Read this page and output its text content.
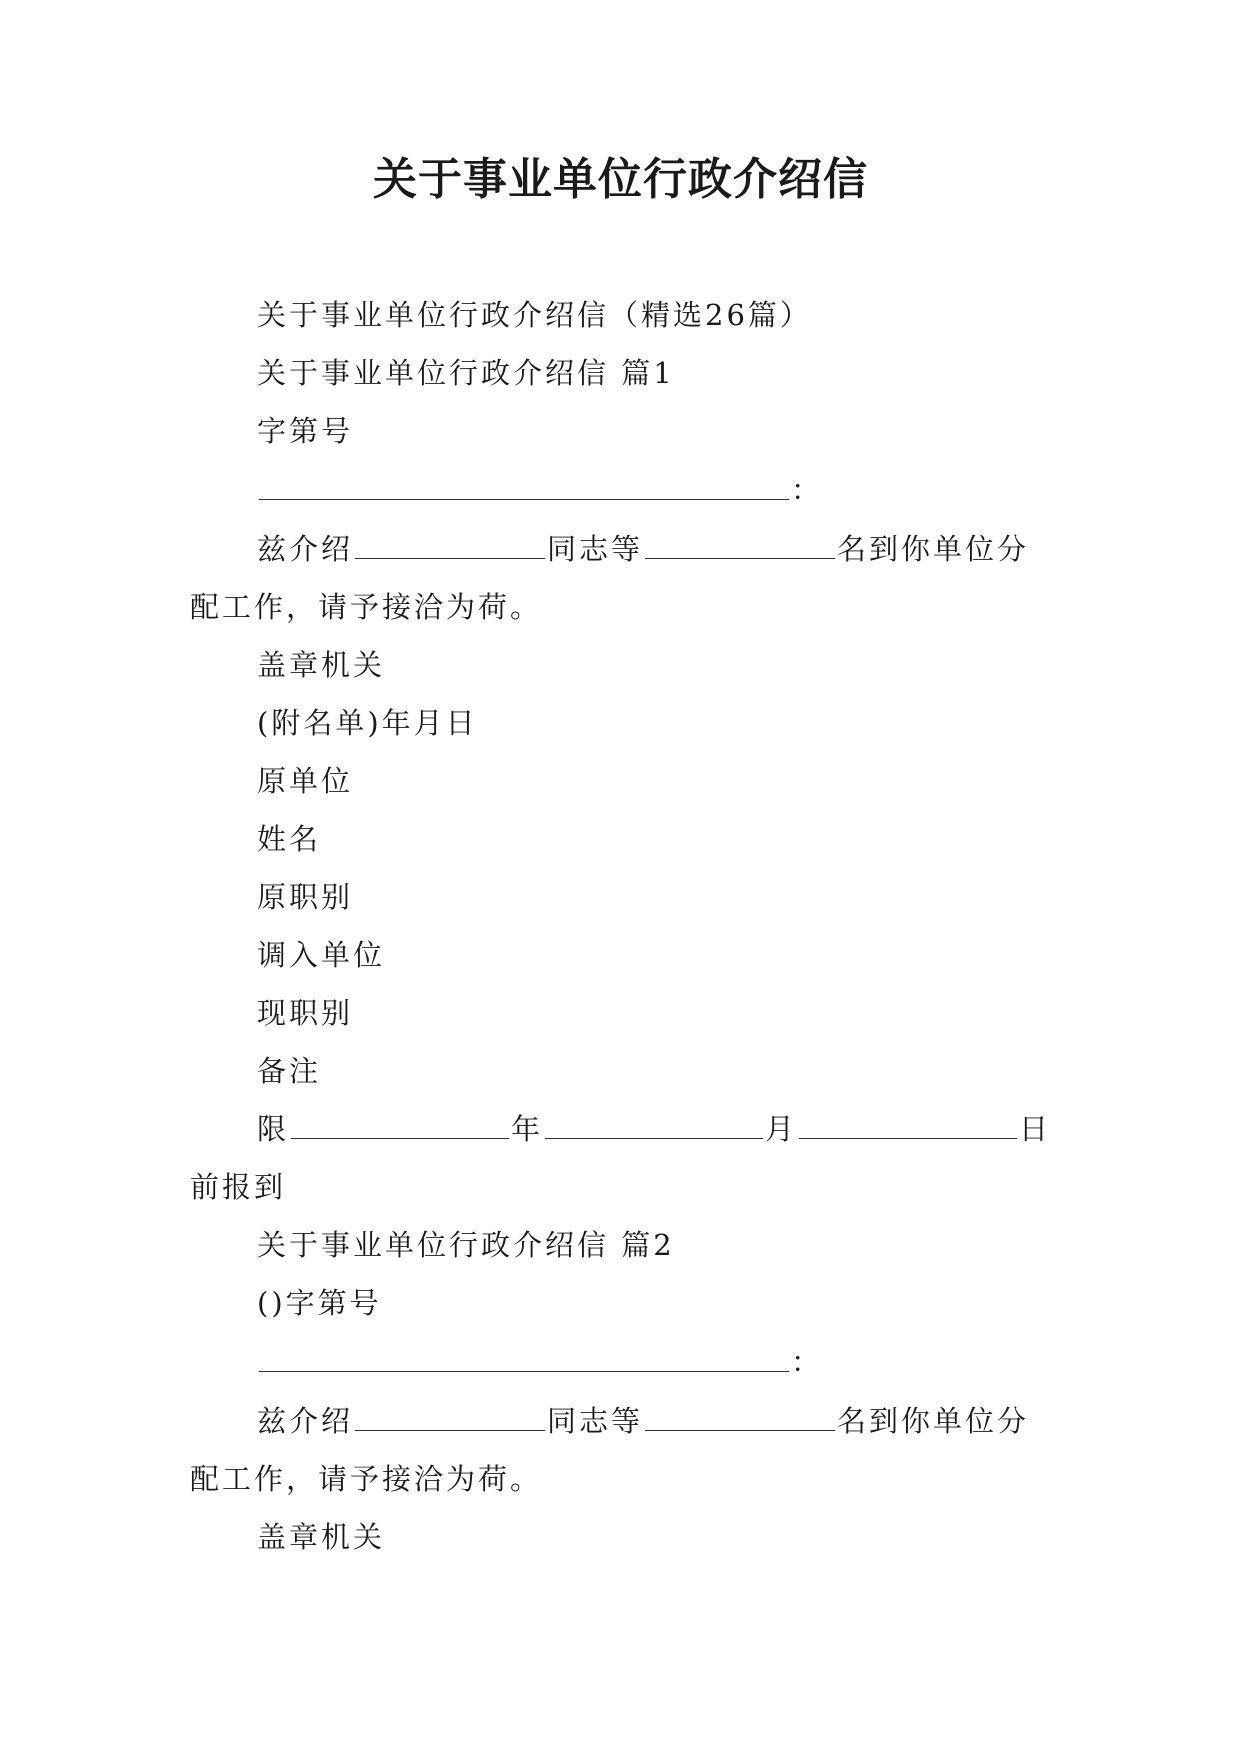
关于事业单位行政介绍信

关于事业单位行政介绍信（精选26篇）

关于事业单位行政介绍信 篇1

字第号

：

兹介绍	同志等	名到你单位分

配工作，请予接洽为荷。

盖章机关

(附名单)年月日

原单位

姓名

原职别

调入单位

现职别

备注

限	年	月	日

前报到

关于事业单位行政介绍信 篇2

()字第号

：

兹介绍	同志等	名到你单位分

配工作，请予接洽为荷。

盖章机关
